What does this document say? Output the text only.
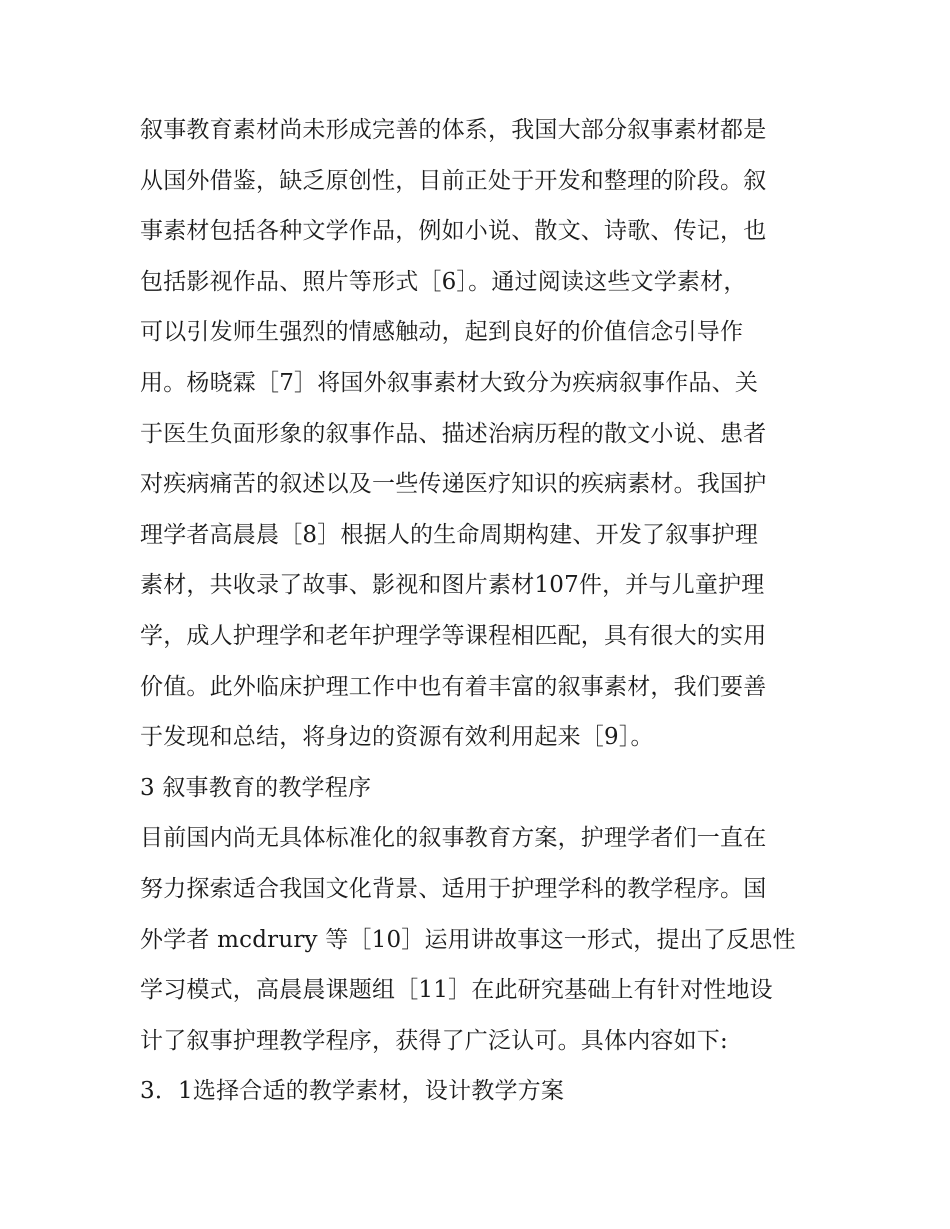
叙事教育素材尚未形成完善的体系，我国大部分叙事素材都是
从国外借鉴，缺乏原创性，目前正处于开发和整理的阶段。叙
事素材包括各种文学作品，例如小说、散文、诗歌、传记，也
包括影视作品、照片等形式［6］。通过阅读这些文学素材，
可以引发师生强烈的情感触动，起到良好的价值信念引导作
用。杨晓霖［7］将国外叙事素材大致分为疾病叙事作品、关
于医生负面形象的叙事作品、描述治病历程的散文小说、患者
对疾病痛苦的叙述以及一些传递医疗知识的疾病素材。我国护
理学者高晨晨［8］根据人的生命周期构建、开发了叙事护理
素材，共收录了故事、影视和图片素材107件，并与儿童护理
学，成人护理学和老年护理学等课程相匹配，具有很大的实用
价值。此外临床护理工作中也有着丰富的叙事素材，我们要善
于发现和总结，将身边的资源有效利用起来［9］。
3 叙事教育的教学程序
目前国内尚无具体标准化的叙事教育方案，护理学者们一直在
努力探索适合我国文化背景、适用于护理学科的教学程序。国
外学者 mcdrury 等［10］运用讲故事这一形式，提出了反思性
学习模式，高晨晨课题组［11］在此研究基础上有针对性地设
计了叙事护理教学程序，获得了广泛认可。具体内容如下:
3．1选择合适的教学素材，设计教学方案
